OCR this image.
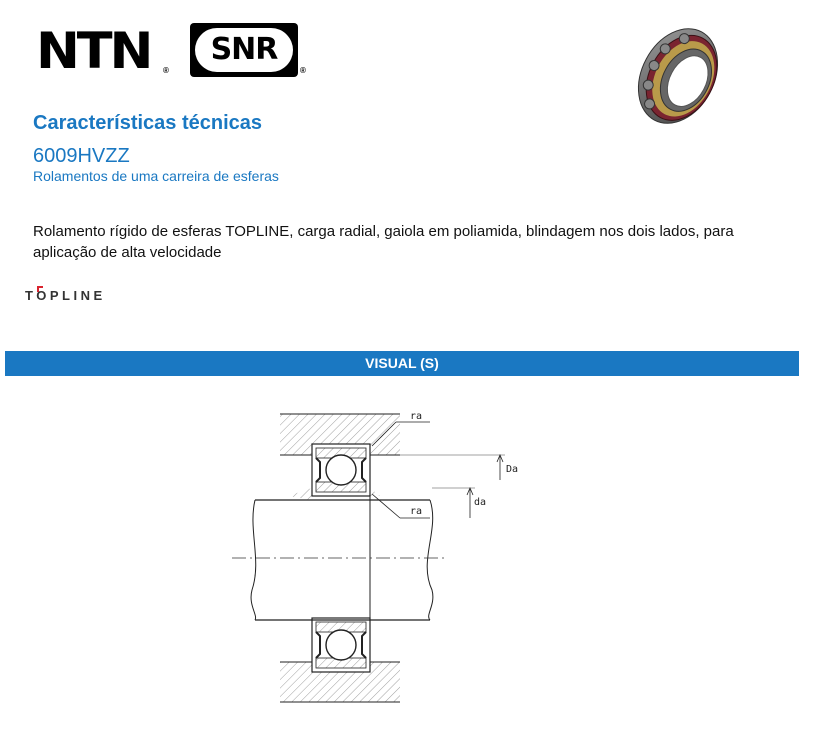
NTN ®
SNR
®
Características técnicas
6009HVZZ
Rolamentos de uma carreira de esferas
Rolamento rígido de esferas TOPLINE, carga radial, gaiola em poliamida, blindagem nos dois lados, para aplicação de alta velocidade
TOPLINE
VISUAL (S)
ra
ra
Da
da
